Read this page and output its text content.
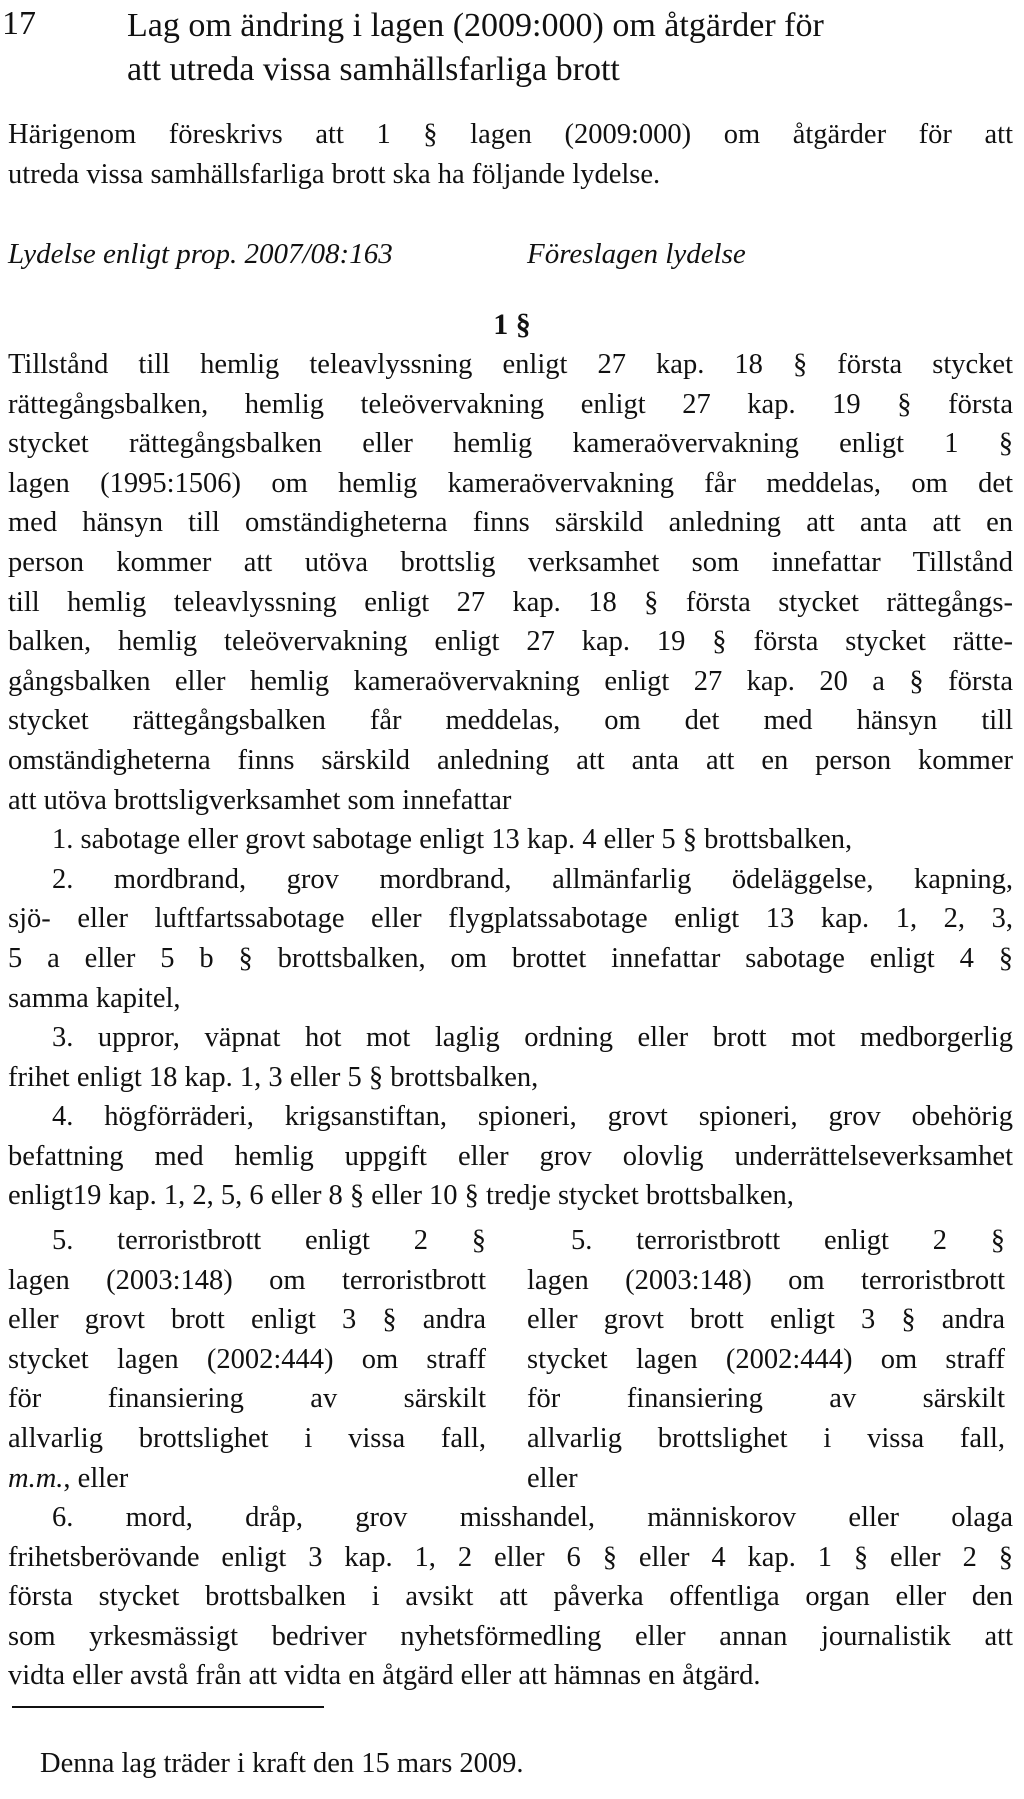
17	Lag om ändring i lagen (2009:000) om åtgärder för
att utreda vissa samhällsfarliga brott
Härigenom föreskrivs att 1 § lagen (2009:000) om åtgärder för att
utreda vissa samhällsfarliga brott ska ha följande lydelse.
Lydelse enligt prop. 2007/08:163	Föreslagen lydelse
1 §
Tillstånd till hemlig teleavlyssning enligt 27 kap. 18 § första stycket
rättegångsbalken, hemlig teleövervakning enligt 27 kap. 19 § första
stycket rättegångsbalken eller hemlig kameraövervakning enligt 1 §
lagen (1995:1506) om hemlig kameraövervakning får meddelas, om det
med hänsyn till omständigheterna finns särskild anledning att anta att en
person kommer att utöva brottslig verksamhet som innefattar Tillstånd
till hemlig teleavlyssning enligt 27 kap. 18 § första stycket rättegångs-
balken, hemlig teleövervakning enligt 27 kap. 19 § första stycket rätte-
gångsbalken eller hemlig kameraövervakning enligt 27 kap. 20 a § första
stycket rättegångsbalken får meddelas, om det med hänsyn till
omständigheterna finns särskild anledning att anta att en person kommer
att utöva brottsligverksamhet som innefattar
1. sabotage eller grovt sabotage enligt 13 kap. 4 eller 5 § brottsbalken,
2. mordbrand, grov mordbrand, allmänfarlig ödeläggelse, kapning,
sjö- eller luftfartssabotage eller flygplatssabotage enligt 13 kap. 1, 2, 3,
5 a eller 5 b § brottsbalken, om brottet innefattar sabotage enligt 4 §
samma kapitel,
3. uppror, väpnat hot mot laglig ordning eller brott mot medborgerlig
frihet enligt 18 kap. 1, 3 eller 5 § brottsbalken,
4. högförräderi, krigsanstiftan, spioneri, grovt spioneri, grov obehörig
befattning med hemlig uppgift eller grov olovlig underrättelseverksamhet
enligt19 kap. 1, 2, 5, 6 eller 8 § eller 10 § tredje stycket brottsbalken,
5. terroristbrott enligt 2 §
lagen (2003:148) om terroristbrott
eller grovt brott enligt 3 § andra
stycket lagen (2002:444) om straff
för finansiering av särskilt
allvarlig brottslighet i vissa fall,
m.m., eller
5. terroristbrott enligt 2 §
lagen (2003:148) om terroristbrott
eller grovt brott enligt 3 § andra
stycket lagen (2002:444) om straff
för finansiering av särskilt
allvarlig brottslighet i vissa fall,
eller
6. mord, dråp, grov misshandel, människorov eller olaga
frihetsberövande enligt 3 kap. 1, 2 eller 6 § eller 4 kap. 1 § eller 2 §
första stycket brottsbalken i avsikt att påverka offentliga organ eller den
som yrkesmässigt bedriver nyhetsförmedling eller annan journalistik att
vidta eller avstå från att vidta en åtgärd eller att hämnas en åtgärd.
Denna lag träder i kraft den 15 mars 2009.
